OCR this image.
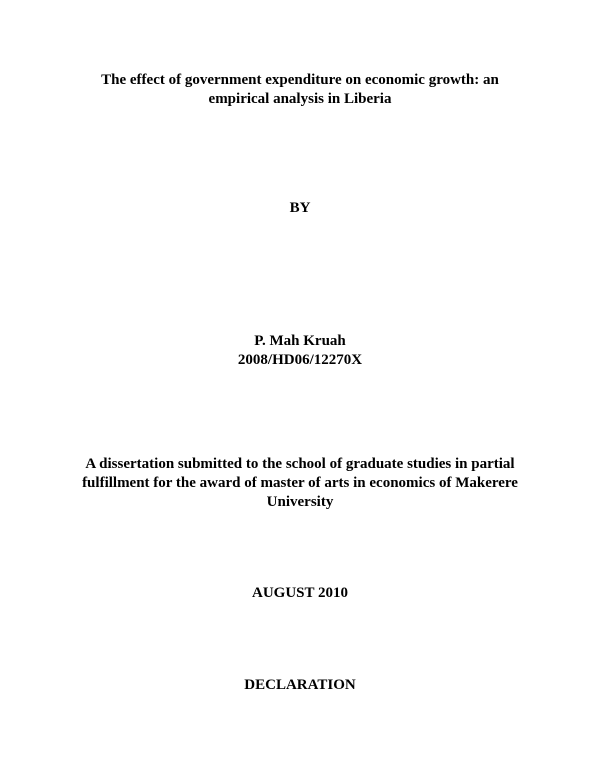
The effect of government expenditure on economic growth: an
empirical analysis in Liberia
BY
P. Mah Kruah
2008/HD06/12270X
A dissertation submitted to the school of graduate studies in partial
fulfillment for the award of master of arts in economics of Makerere
University
AUGUST 2010
DECLARATION
